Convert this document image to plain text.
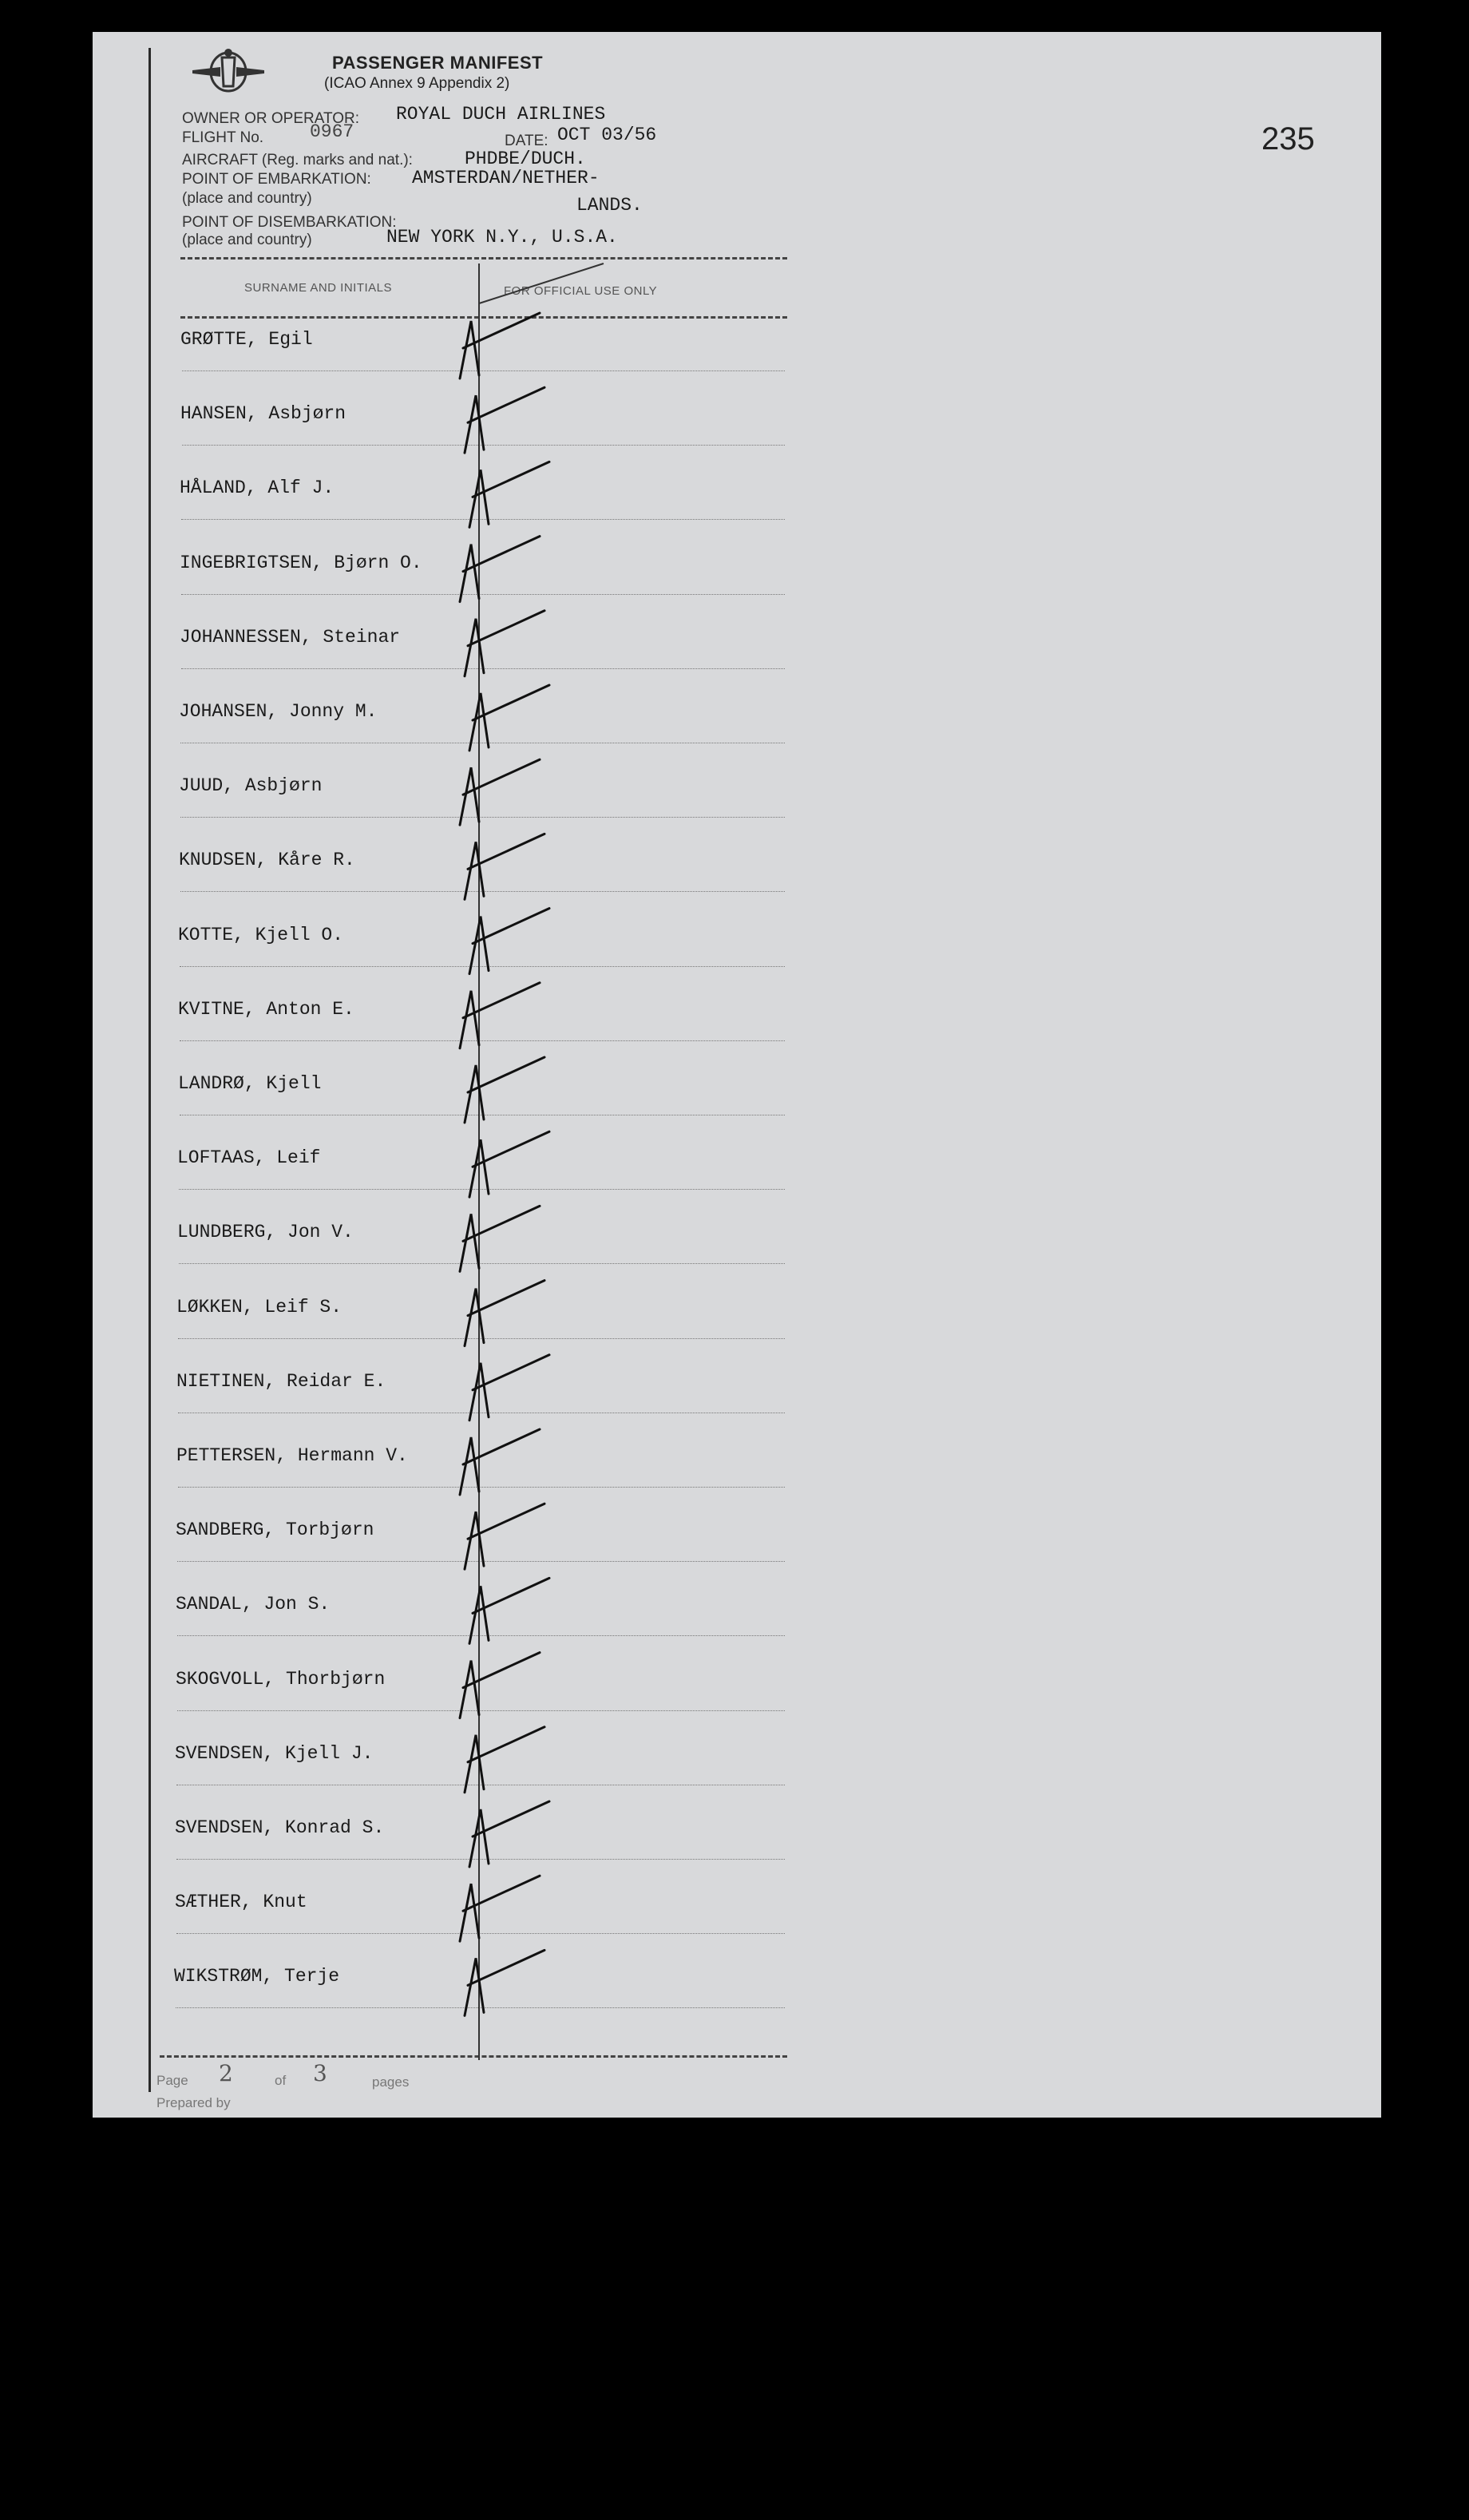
PASSENGER MANIFEST
(ICAO Annex 9 Appendix 2)
OWNER OR OPERATOR: ROYAL DUCH AIRLINES
FLIGHT No.	0967	DATE: OCT 03/56
AIRCRAFT (Reg. marks and nat.):	PHDBE/DUCH.
POINT OF EMBARKATION: AMSTERDAN/NETHER-
(place and country)	LANDS.
POINT OF DISEMBARKATION:
(place and country)	NEW YORK N.Y., U.S.A.
235
SURNAME AND INITIALS	FOR OFFICIAL USE ONLY
GRØTTE, Egil
HANSEN, Asbjørn
HÅLAND, Alf J.
INGEBRIGTSEN, Bjørn O.
JOHANNESSEN, Steinar
JOHANSEN, Jonny M.
JUUD, Asbjørn
KNUDSEN, Kåre R.
KOTTE, Kjell O.
KVITNE, Anton E.
LANDRØ, Kjell
LOFTAAS, Leif
LUNDBERG, Jon V.
LØKKEN, Leif S.
NIETINEN, Reidar E.
PETTERSEN, Hermann V.
SANDBERG, Torbjørn
SANDAL, Jon S.
SKOGVOLL, Thorbjørn
SVENDSEN, Kjell J.
SVENDSEN, Konrad S.
SÆTHER, Knut
WIKSTRØM, Terje
Page 2	of 3	pages
Prepared by
